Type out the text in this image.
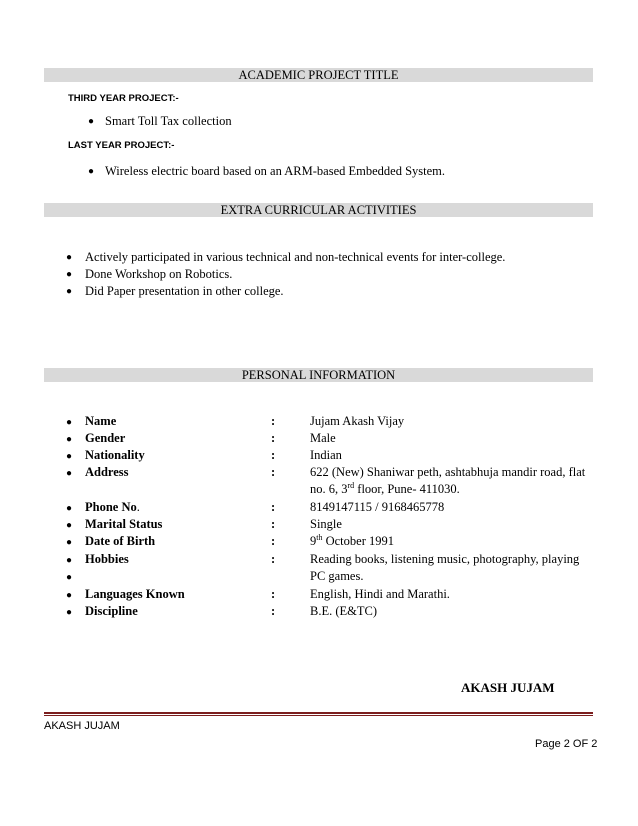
ACADEMIC PROJECT TITLE
THIRD YEAR PROJECT:-
● Smart Toll Tax collection
LAST YEAR PROJECT:-
● Wireless electric board based on an ARM-based Embedded System.
EXTRA CURRICULAR ACTIVITIES
● Actively participated in various technical and non-technical events for inter-college.
● Done Workshop on Robotics.
● Did Paper presentation in other college.
PERSONAL INFORMATION
● Name	:	Jujam Akash Vijay
● Gender	:	Male
● Nationality	:	Indian
● Address	:	622 (New) Shaniwar peth, ashtabhuja mandir road, flat
no. 6, 3rd floor, Pune- 411030.
● Phone No.	:	8149147115 / 9168465778
● Marital Status	:	Single
● Date of Birth	:	9th October 1991
● Hobbies	:	Reading books, listening music, photography, playing
●	PC games.
● Languages Known	:	English, Hindi and Marathi.
● Discipline	:	B.E. (E&TC)
AKASH JUJAM
AKASH JUJAM
Page 2 OF 2
